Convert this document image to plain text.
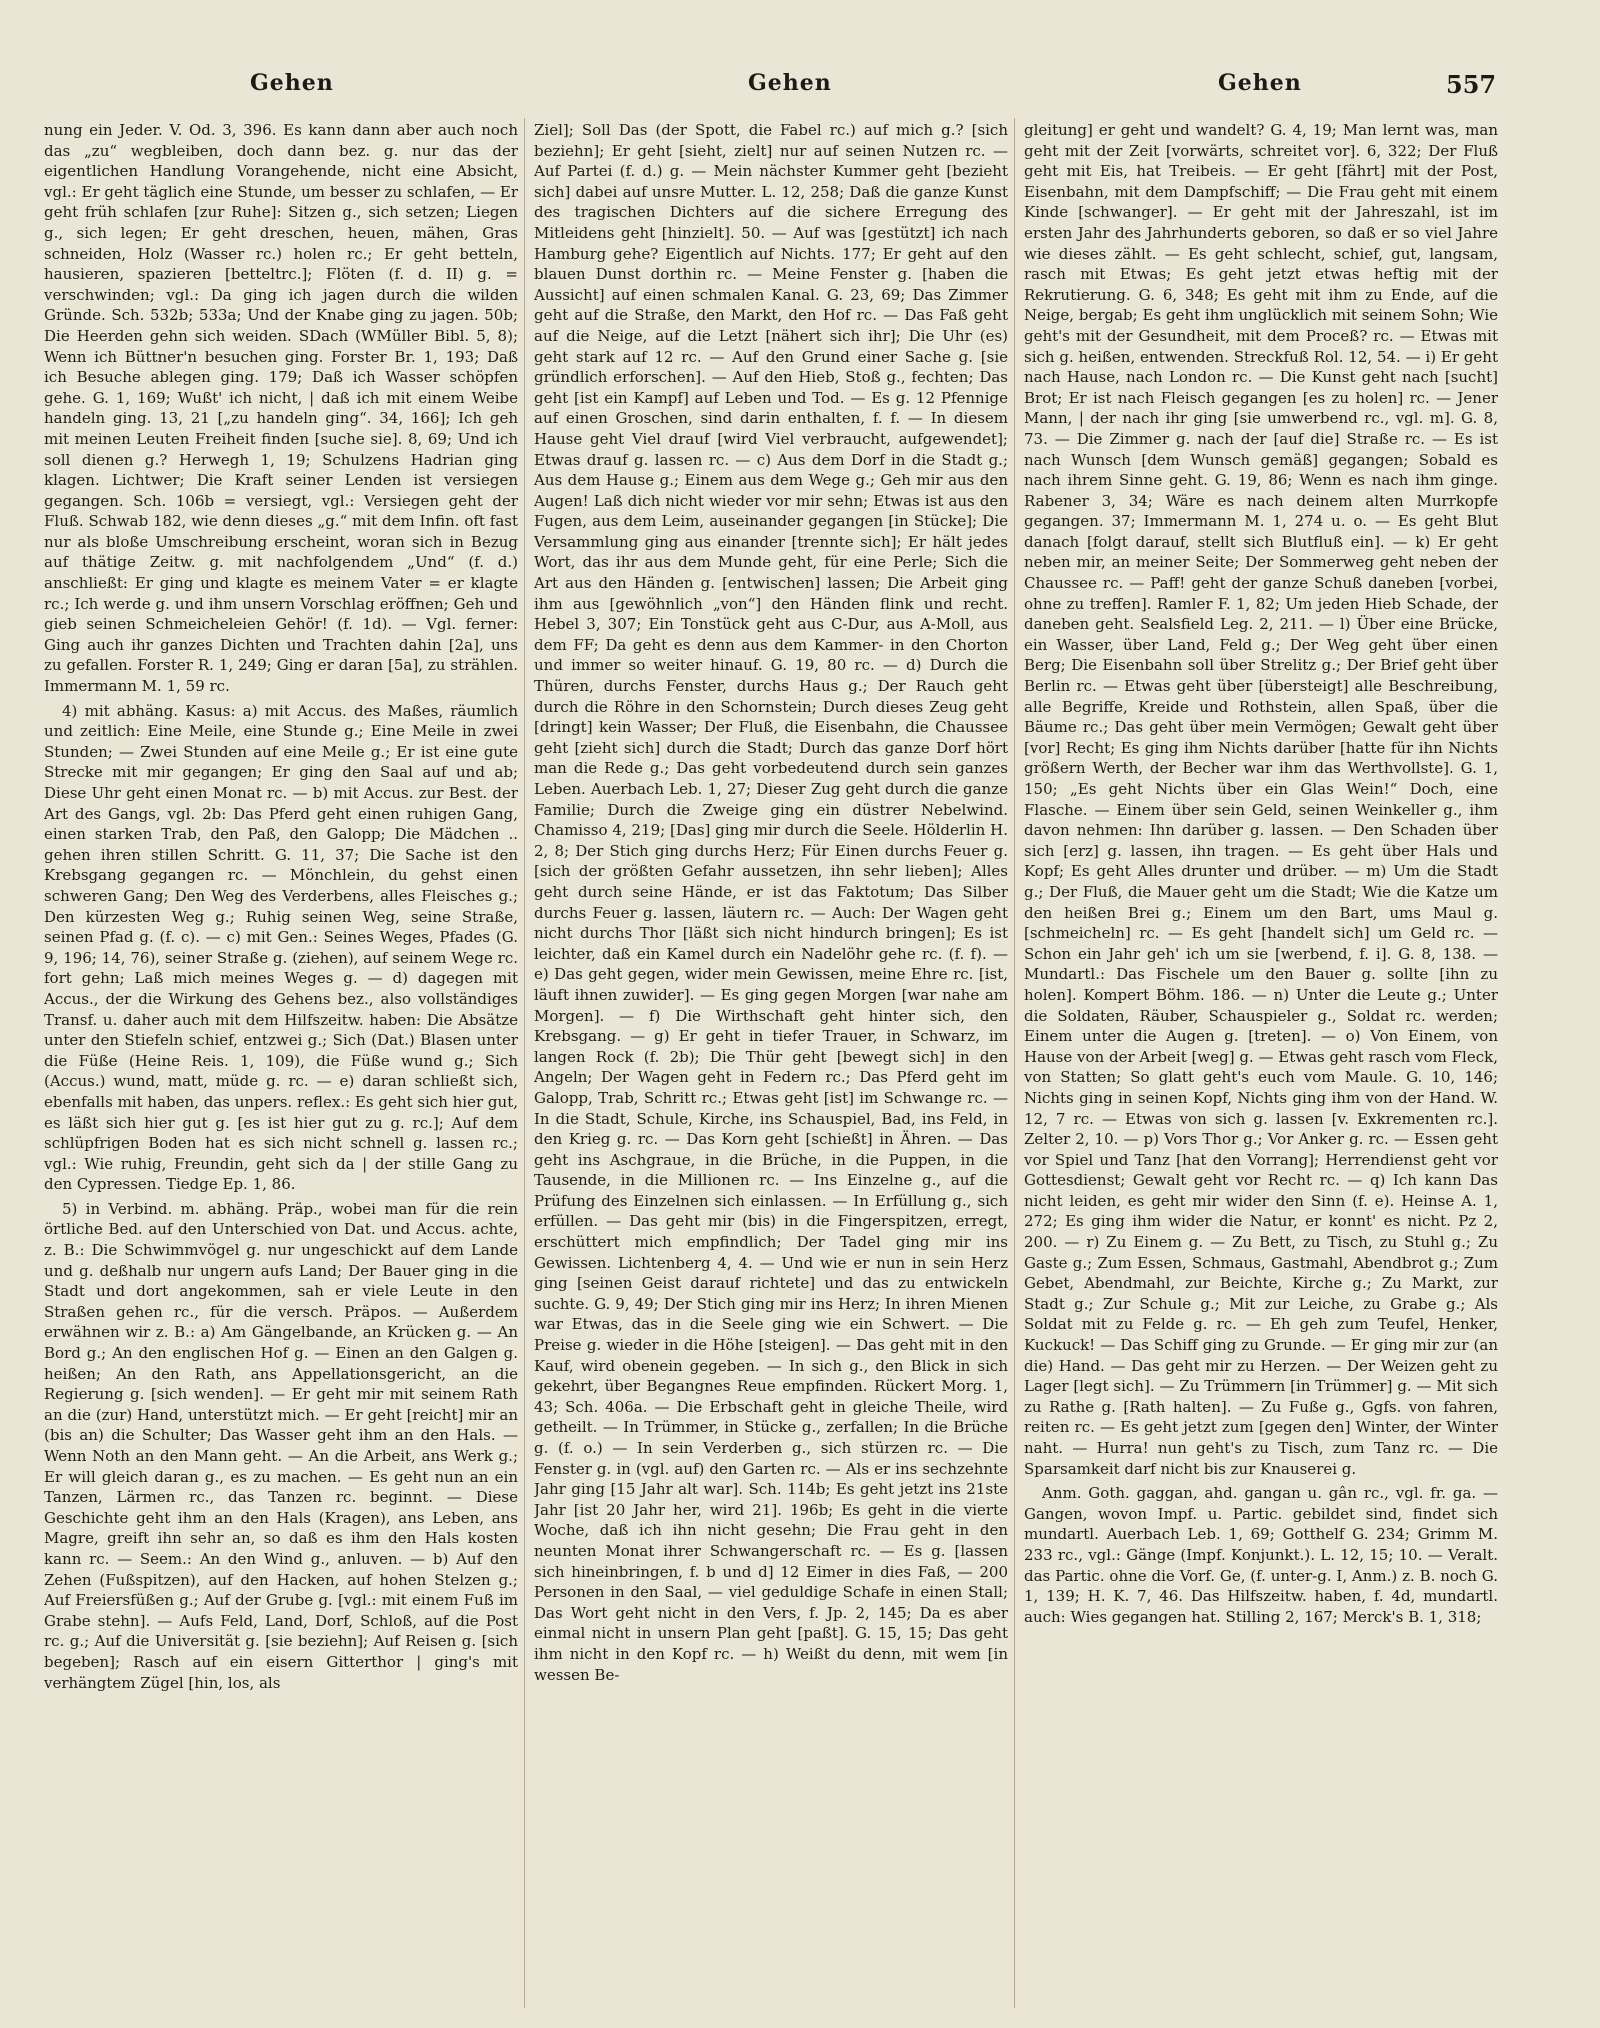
Gehen	Gehen	Gehen	557

nung ein Jeder. V. Od. 3, 396. Es kann dann aber auch noch das „zu“ wegbleiben, doch dann bez. g. nur das der eigentlichen Handlung Vorangehende, nicht eine Absicht, vgl.: Er geht täglich eine Stunde, um besser zu schlafen, — Er geht früh schlafen [zur Ruhe]: Sitzen g., sich setzen; Liegen g., sich legen; Er geht dreschen, heuen, mähen, Gras schneiden, Holz (Wasser rc.) holen rc.; Er geht betteln, hausieren, spazieren [betteltrc.]; Flöten (f. d. II) g. = verschwinden; vgl.: Da ging ich jagen durch die wilden Gründe. Sch. 532b; 533a; Und der Knabe ging zu jagen. 50b; Die Heerden gehn sich weiden. SDach (WMüller Bibl. 5, 8); Wenn ich Büttner'n besuchen ging. Forster Br. 1, 193; Daß ich Besuche ablegen ging. 179; Daß ich Wasser schöpfen gehe. G. 1, 169; Wußt' ich nicht, | daß ich mit einem Weibe handeln ging. 13, 21 [„zu handeln ging“. 34, 166]; Ich geh mit meinen Leuten Freiheit finden [suche sie]. 8, 69; Und ich soll dienen g.? Herwegh 1, 19; Schulzens Hadrian ging klagen. Lichtwer; Die Kraft seiner Lenden ist versiegen gegangen. Sch. 106b = versiegt, vgl.: Versiegen geht der Fluß. Schwab 182, wie denn dieses „g.“ mit dem Infin. oft fast nur als bloße Umschreibung erscheint, woran sich in Bezug auf thätige Zeitw. g. mit nachfolgendem „Und“ (f. d.) anschließt: Er ging und klagte es meinem Vater = er klagte rc.; Ich werde g. und ihm unsern Vorschlag eröffnen; Geh und gieb seinen Schmeicheleien Gehör! (f. 1d). — Vgl. ferner: Ging auch ihr ganzes Dichten und Trachten dahin [2a], uns zu gefallen. Forster R. 1, 249; Ging er daran [5a], zu strählen. Immermann M. 1, 59 rc.

4) mit abhäng. Kasus: a) mit Accus. des Maßes, räumlich und zeitlich: Eine Meile, eine Stunde g.; Eine Meile in zwei Stunden; — Zwei Stunden auf eine Meile g.; Er ist eine gute Strecke mit mir gegangen; Er ging den Saal auf und ab; Diese Uhr geht einen Monat rc. — b) mit Accus. zur Best. der Art des Gangs, vgl. 2b: Das Pferd geht einen ruhigen Gang, einen starken Trab, den Paß, den Galopp; Die Mädchen .. gehen ihren stillen Schritt. G. 11, 37; Die Sache ist den Krebsgang gegangen rc. — Mönchlein, du gehst einen schweren Gang; Den Weg des Verderbens, alles Fleisches g.; Den kürzesten Weg g.; Ruhig seinen Weg, seine Straße, seinen Pfad g. (f. c). — c) mit Gen.: Seines Weges, Pfades (G. 9, 196; 14, 76), seiner Straße g. (ziehen), auf seinem Wege rc. fort gehn; Laß mich meines Weges g. — d) dagegen mit Accus., der die Wirkung des Gehens bez., also vollständiges Transf. u. daher auch mit dem Hilfszeitw. haben: Die Absätze unter den Stiefeln schief, entzwei g.; Sich (Dat.) Blasen unter die Füße (Heine Reis. 1, 109), die Füße wund g.; Sich (Accus.) wund, matt, müde g. rc. — e) daran schließt sich, ebenfalls mit haben, das unpers. reflex.: Es geht sich hier gut, es läßt sich hier gut g. [es ist hier gut zu g. rc.]; Auf dem schlüpfrigen Boden hat es sich nicht schnell g. lassen rc.; vgl.: Wie ruhig, Freundin, geht sich da | der stille Gang zu den Cypressen. Tiedge Ep. 1, 86.

5) in Verbind. m. abhäng. Präp., wobei man für die rein örtliche Bed. auf den Unterschied von Dat. und Accus. achte, z. B.: Die Schwimmvögel g. nur ungeschickt auf dem Lande und g. deßhalb nur ungern aufs Land; Der Bauer ging in die Stadt und dort angekommen, sah er viele Leute in den Straßen gehen rc., für die versch. Präpos. — Außerdem erwähnen wir z. B.: a) Am Gängelbande, an Krücken g. — An Bord g.; An den englischen Hof g. — Einen an den Galgen g. heißen; An den Rath, ans Appellationsgericht, an die Regierung g. [sich wenden]. — Er geht mir mit seinem Rath an die (zur) Hand, unterstützt mich. — Er geht [reicht] mir an (bis an) die Schulter; Das Wasser geht ihm an den Hals. — Wenn Noth an den Mann geht. — An die Arbeit, ans Werk g.; Er will gleich daran g., es zu machen. — Es geht nun an ein Tanzen, Lärmen rc., das Tanzen rc. beginnt. — Diese Geschichte geht ihm an den Hals (Kragen), ans Leben, ans Magre, greift ihn sehr an, so daß es ihm den Hals kosten kann rc. — Seem.: An den Wind g., anluven. — b) Auf den Zehen (Fußspitzen), auf den Hacken, auf hohen Stelzen g.; Auf Freiersfüßen g.; Auf der Grube g. [vgl.: mit einem Fuß im Grabe stehn]. — Aufs Feld, Land, Dorf, Schloß, auf die Post rc. g.; Auf die Universität g. [sie beziehn]; Auf Reisen g. [sich begeben]; Rasch auf ein eisern Gitterthor | ging's mit verhängtem Zügel [hin, los, als

Ziel]; Soll Das (der Spott, die Fabel rc.) auf mich g.? [sich beziehn]; Er geht [sieht, zielt] nur auf seinen Nutzen rc. — Auf Partei (f. d.) g. — Mein nächster Kummer geht [bezieht sich] dabei auf unsre Mutter. L. 12, 258; Daß die ganze Kunst des tragischen Dichters auf die sichere Erregung des Mitleidens geht [hinzielt]. 50. — Auf was [gestützt] ich nach Hamburg gehe? Eigentlich auf Nichts. 177; Er geht auf den blauen Dunst dorthin rc. — Meine Fenster g. [haben die Aussicht] auf einen schmalen Kanal. G. 23, 69; Das Zimmer geht auf die Straße, den Markt, den Hof rc. — Das Faß geht auf die Neige, auf die Letzt [nähert sich ihr]; Die Uhr (es) geht stark auf 12 rc. — Auf den Grund einer Sache g. [sie gründlich erforschen]. — Auf den Hieb, Stoß g., fechten; Das geht [ist ein Kampf] auf Leben und Tod. — Es g. 12 Pfennige auf einen Groschen, sind darin enthalten, f. f. — In diesem Hause geht Viel drauf [wird Viel verbraucht, aufgewendet]; Etwas drauf g. lassen rc. — c) Aus dem Dorf in die Stadt g.; Aus dem Hause g.; Einem aus dem Wege g.; Geh mir aus den Augen! Laß dich nicht wieder vor mir sehn; Etwas ist aus den Fugen, aus dem Leim, auseinander gegangen [in Stücke]; Die Versammlung ging aus einander [trennte sich]; Er hält jedes Wort, das ihr aus dem Munde geht, für eine Perle; Sich die Art aus den Händen g. [entwischen] lassen; Die Arbeit ging ihm aus [gewöhnlich „von“] den Händen flink und recht. Hebel 3, 307; Ein Tonstück geht aus C-Dur, aus A-Moll, aus dem FF; Da geht es denn aus dem Kammer- in den Chorton und immer so weiter hinauf. G. 19, 80 rc. — d) Durch die Thüren, durchs Fenster, durchs Haus g.; Der Rauch geht durch die Röhre in den Schornstein; Durch dieses Zeug geht [dringt] kein Wasser; Der Fluß, die Eisenbahn, die Chaussee geht [zieht sich] durch die Stadt; Durch das ganze Dorf hört man die Rede g.; Das geht vorbedeutend durch sein ganzes Leben. Auerbach Leb. 1, 27; Dieser Zug geht durch die ganze Familie; Durch die Zweige ging ein düstrer Nebelwind. Chamisso 4, 219; [Das] ging mir durch die Seele. Hölderlin H. 2, 8; Der Stich ging durchs Herz; Für Einen durchs Feuer g. [sich der größten Gefahr aussetzen, ihn sehr lieben]; Alles geht durch seine Hände, er ist das Faktotum; Das Silber durchs Feuer g. lassen, läutern rc. — Auch: Der Wagen geht nicht durchs Thor [läßt sich nicht hindurch bringen]; Es ist leichter, daß ein Kamel durch ein Nadelöhr gehe rc. (f. f). — e) Das geht gegen, wider mein Gewissen, meine Ehre rc. [ist, läuft ihnen zuwider]. — Es ging gegen Morgen [war nahe am Morgen]. — f) Die Wirthschaft geht hinter sich, den Krebsgang. — g) Er geht in tiefer Trauer, in Schwarz, im langen Rock (f. 2b); Die Thür geht [bewegt sich] in den Angeln; Der Wagen geht in Federn rc.; Das Pferd geht im Galopp, Trab, Schritt rc.; Etwas geht [ist] im Schwange rc. — In die Stadt, Schule, Kirche, ins Schauspiel, Bad, ins Feld, in den Krieg g. rc. — Das Korn geht [schießt] in Ähren. — Das geht ins Aschgraue, in die Brüche, in die Puppen, in die Tausende, in die Millionen rc. — Ins Einzelne g., auf die Prüfung des Einzelnen sich einlassen. — In Erfüllung g., sich erfüllen. — Das geht mir (bis) in die Fingerspitzen, erregt, erschüttert mich empfindlich; Der Tadel ging mir ins Gewissen. Lichtenberg 4, 4. — Und wie er nun in sein Herz ging [seinen Geist darauf richtete] und das zu entwickeln suchte. G. 9, 49; Der Stich ging mir ins Herz; In ihren Mienen war Etwas, das in die Seele ging wie ein Schwert. — Die Preise g. wieder in die Höhe [steigen]. — Das geht mit in den Kauf, wird obenein gegeben. — In sich g., den Blick in sich gekehrt, über Begangnes Reue empfinden. Rückert Morg. 1, 43; Sch. 406a. — Die Erbschaft geht in gleiche Theile, wird getheilt. — In Trümmer, in Stücke g., zerfallen; In die Brüche g. (f. o.) — In sein Verderben g., sich stürzen rc. — Die Fenster g. in (vgl. auf) den Garten rc. — Als er ins sechzehnte Jahr ging [15 Jahr alt war]. Sch. 114b; Es geht jetzt ins 21ste Jahr [ist 20 Jahr her, wird 21]. 196b; Es geht in die vierte Woche, daß ich ihn nicht gesehn; Die Frau geht in den neunten Monat ihrer Schwangerschaft rc. — Es g. [lassen sich hineinbringen, f. b und d] 12 Eimer in dies Faß, — 200 Personen in den Saal, — viel geduldige Schafe in einen Stall; Das Wort geht nicht in den Vers, f. Jp. 2, 145; Da es aber einmal nicht in unsern Plan geht [paßt]. G. 15, 15; Das geht ihm nicht in den Kopf rc. — h) Weißt du denn, mit wem [in wessen Be-

gleitung] er geht und wandelt? G. 4, 19; Man lernt was, man geht mit der Zeit [vorwärts, schreitet vor]. 6, 322; Der Fluß geht mit Eis, hat Treibeis. — Er geht [fährt] mit der Post, Eisenbahn, mit dem Dampfschiff; — Die Frau geht mit einem Kinde [schwanger]. — Er geht mit der Jahreszahl, ist im ersten Jahr des Jahrhunderts geboren, so daß er so viel Jahre wie dieses zählt. — Es geht schlecht, schief, gut, langsam, rasch mit Etwas; Es geht jetzt etwas heftig mit der Rekrutierung. G. 6, 348; Es geht mit ihm zu Ende, auf die Neige, bergab; Es geht ihm unglücklich mit seinem Sohn; Wie geht's mit der Gesundheit, mit dem Proceß? rc. — Etwas mit sich g. heißen, entwenden. Streckfuß Rol. 12, 54. — i) Er geht nach Hause, nach London rc. — Die Kunst geht nach [sucht] Brot; Er ist nach Fleisch gegangen [es zu holen] rc. — Jener Mann, | der nach ihr ging [sie umwerbend rc., vgl. m]. G. 8, 73. — Die Zimmer g. nach der [auf die] Straße rc. — Es ist nach Wunsch [dem Wunsch gemäß] gegangen; Sobald es nach ihrem Sinne geht. G. 19, 86; Wenn es nach ihm ginge. Rabener 3, 34; Wäre es nach deinem alten Murrkopfe gegangen. 37; Immermann M. 1, 274 u. o. — Es geht Blut danach [folgt darauf, stellt sich Blutfluß ein]. — k) Er geht neben mir, an meiner Seite; Der Sommerweg geht neben der Chaussee rc. — Paff! geht der ganze Schuß daneben [vorbei, ohne zu treffen]. Ramler F. 1, 82; Um jeden Hieb Schade, der daneben geht. Sealsfield Leg. 2, 211. — l) Über eine Brücke, ein Wasser, über Land, Feld g.; Der Weg geht über einen Berg; Die Eisenbahn soll über Strelitz g.; Der Brief geht über Berlin rc. — Etwas geht über [übersteigt] alle Beschreibung, alle Begriffe, Kreide und Rothstein, allen Spaß, über die Bäume rc.; Das geht über mein Vermögen; Gewalt geht über [vor] Recht; Es ging ihm Nichts darüber [hatte für ihn Nichts größern Werth, der Becher war ihm das Werthvollste]. G. 1, 150; „Es geht Nichts über ein Glas Wein!“ Doch, eine Flasche. — Einem über sein Geld, seinen Weinkeller g., ihm davon nehmen: Ihn darüber g. lassen. — Den Schaden über sich [erz] g. lassen, ihn tragen. — Es geht über Hals und Kopf; Es geht Alles drunter und drüber. — m) Um die Stadt g.; Der Fluß, die Mauer geht um die Stadt; Wie die Katze um den heißen Brei g.; Einem um den Bart, ums Maul g. [schmeicheln] rc. — Es geht [handelt sich] um Geld rc. — Schon ein Jahr geh' ich um sie [werbend, f. i]. G. 8, 138. — Mundartl.: Das Fischele um den Bauer g. sollte [ihn zu holen]. Kompert Böhm. 186. — n) Unter die Leute g.; Unter die Soldaten, Räuber, Schauspieler g., Soldat rc. werden; Einem unter die Augen g. [treten]. — o) Von Einem, von Hause von der Arbeit [weg] g. — Etwas geht rasch vom Fleck, von Statten; So glatt geht's euch vom Maule. G. 10, 146; Nichts ging in seinen Kopf, Nichts ging ihm von der Hand. W. 12, 7 rc. — Etwas von sich g. lassen [v. Exkrementen rc.]. Zelter 2, 10. — p) Vors Thor g.; Vor Anker g. rc. — Essen geht vor Spiel und Tanz [hat den Vorrang]; Herrendienst geht vor Gottesdienst; Gewalt geht vor Recht rc. — q) Ich kann Das nicht leiden, es geht mir wider den Sinn (f. e). Heinse A. 1, 272; Es ging ihm wider die Natur, er konnt' es nicht. Pz 2, 200. — r) Zu Einem g. — Zu Bett, zu Tisch, zu Stuhl g.; Zu Gaste g.; Zum Essen, Schmaus, Gastmahl, Abendbrot g.; Zum Gebet, Abendmahl, zur Beichte, Kirche g.; Zu Markt, zur Stadt g.; Zur Schule g.; Mit zur Leiche, zu Grabe g.; Als Soldat mit zu Felde g. rc. — Eh geh zum Teufel, Henker, Kuckuck! — Das Schiff ging zu Grunde. — Er ging mir zur (an die) Hand. — Das geht mir zu Herzen. — Der Weizen geht zu Lager [legt sich]. — Zu Trümmern [in Trümmer] g. — Mit sich zu Rathe g. [Rath halten]. — Zu Fuße g., Ggfs. von fahren, reiten rc. — Es geht jetzt zum [gegen den] Winter, der Winter naht. — Hurra! nun geht's zu Tisch, zum Tanz rc. — Die Sparsamkeit darf nicht bis zur Knauserei g.

Anm. Goth. gaggan, ahd. gangan u. gân rc., vgl. fr. ga. — Gangen, wovon Impf. u. Partic. gebildet sind, findet sich mundartl. Auerbach Leb. 1, 69; Gotthelf G. 234; Grimm M. 233 rc., vgl.: Gänge (Impf. Konjunkt.). L. 12, 15; 10. — Veralt. das Partic. ohne die Vorf. Ge, (f. unter-g. I, Anm.) z. B. noch G. 1, 139; H. K. 7, 46. Das Hilfszeitw. haben, f. 4d, mundartl. auch: Wies gegangen hat. Stilling 2, 167; Merck's B. 1, 318;
